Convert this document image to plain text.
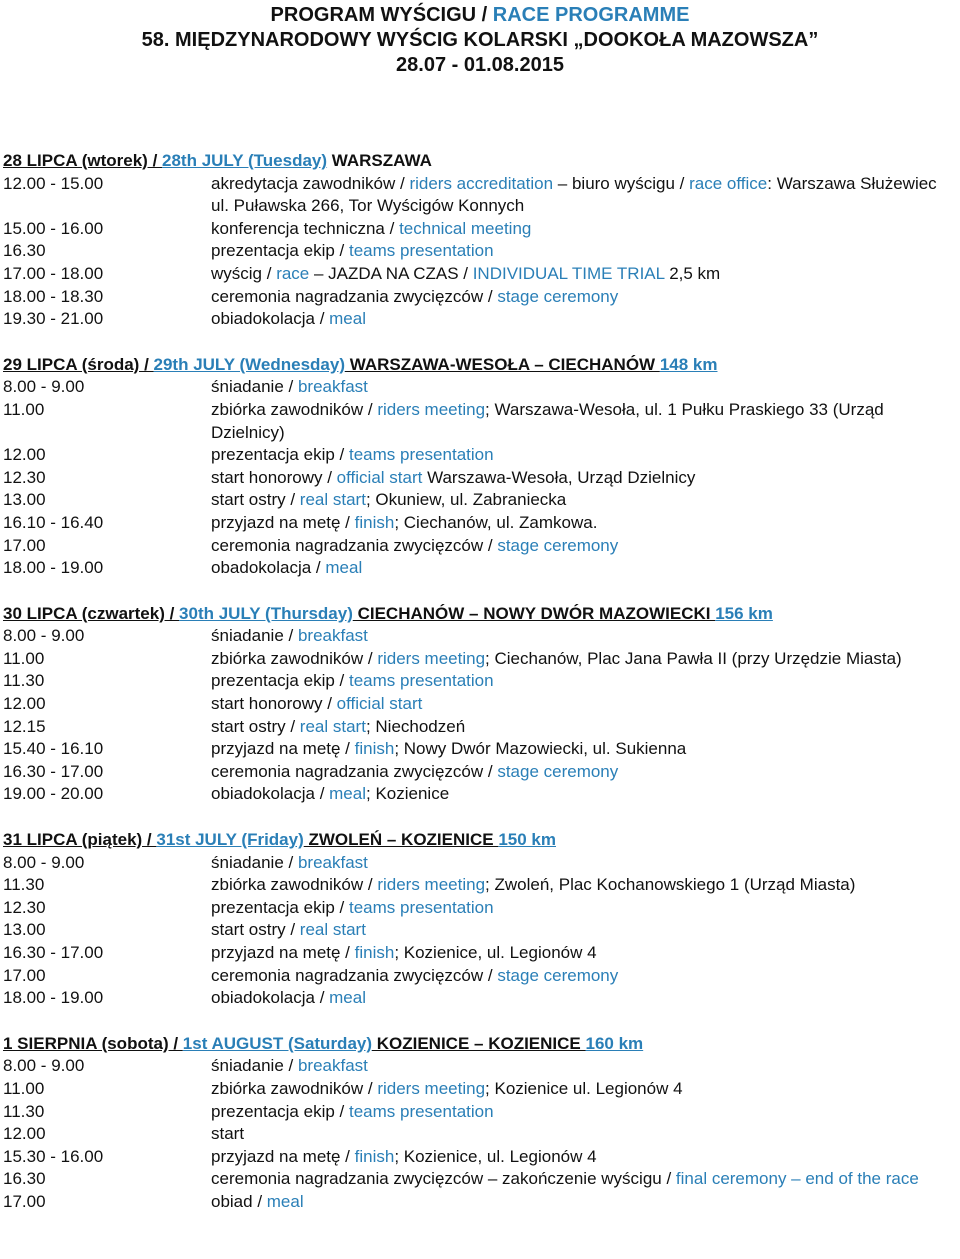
PROGRAM WYŚCIGU / RACE PROGRAMME
58. MIĘDZYNARODOWY WYŚCIG KOLARSKI „DOOKOŁA MAZOWSZA”
28.07 - 01.08.2015
28 LIPCA (wtorek) / 28th JULY (Tuesday) WARSZAWA
12.00 - 15.00	akredytacja zawodników / riders accreditation – biuro wyścigu / race office: Warszawa Służewiec ul. Puławska 266, Tor Wyścigów Konnych
15.00 - 16.00	konferencja techniczna / technical meeting
16.30	prezentacja ekip / teams presentation
17.00 - 18.00	wyścig / race – JAZDA NA CZAS / INDIVIDUAL TIME TRIAL 2,5 km
18.00 - 18.30	ceremonia nagradzania zwycięzców / stage ceremony
19.30 - 21.00	obiadokolacja / meal
29 LIPCA (środa) / 29th JULY (Wednesday) WARSZAWA-WESOŁA – CIECHANÓW 148 km
8.00 - 9.00	śniadanie / breakfast
11.00	zbiórka zawodników / riders meeting; Warszawa-Wesoła, ul. 1 Pułku Praskiego 33 (Urząd Dzielnicy)
12.00	prezentacja ekip / teams presentation
12.30	start honorowy / official start Warszawa-Wesoła, Urząd Dzielnicy
13.00	start ostry / real start; Okuniew, ul. Zabraniecka
16.10 - 16.40	przyjazd na metę / finish; Ciechanów, ul. Zamkowa.
17.00	ceremonia nagradzania zwycięzców / stage ceremony
18.00 - 19.00	obadokolacja / meal
30 LIPCA (czwartek) / 30th JULY (Thursday) CIECHANÓW – NOWY DWÓR MAZOWIECKI 156 km
8.00 - 9.00	śniadanie / breakfast
11.00	zbiórka zawodników / riders meeting; Ciechanów, Plac Jana Pawła II (przy Urzędzie Miasta)
11.30	prezentacja ekip / teams presentation
12.00	start honorowy / official start
12.15	start ostry / real start; Niechodzeń
15.40 - 16.10	przyjazd na metę / finish; Nowy Dwór Mazowiecki, ul. Sukienna
16.30 - 17.00	ceremonia nagradzania zwycięzców / stage ceremony
19.00 - 20.00	obiadokolacja / meal; Kozienice
31 LIPCA (piątek) / 31st JULY (Friday) ZWOLEŃ – KOZIENICE 150 km
8.00 - 9.00	śniadanie / breakfast
11.30	zbiórka zawodników / riders meeting; Zwoleń, Plac Kochanowskiego 1 (Urząd Miasta)
12.30	prezentacja ekip / teams presentation
13.00	start ostry / real start
16.30 - 17.00	przyjazd na metę / finish; Kozienice, ul. Legionów 4
17.00	ceremonia nagradzania zwycięzców / stage ceremony
18.00 - 19.00	obiadokolacja / meal
1 SIERPNIA (sobota) / 1st AUGUST (Saturday) KOZIENICE – KOZIENICE 160 km
8.00 - 9.00	śniadanie / breakfast
11.00	zbiórka zawodników / riders meeting; Kozienice ul. Legionów 4
11.30	prezentacja ekip / teams presentation
12.00	start
15.30 - 16.00	przyjazd na metę / finish; Kozienice, ul. Legionów 4
16.30	ceremonia nagradzania zwycięzców – zakończenie wyścigu / final ceremony – end of the race
17.00	obiad / meal
